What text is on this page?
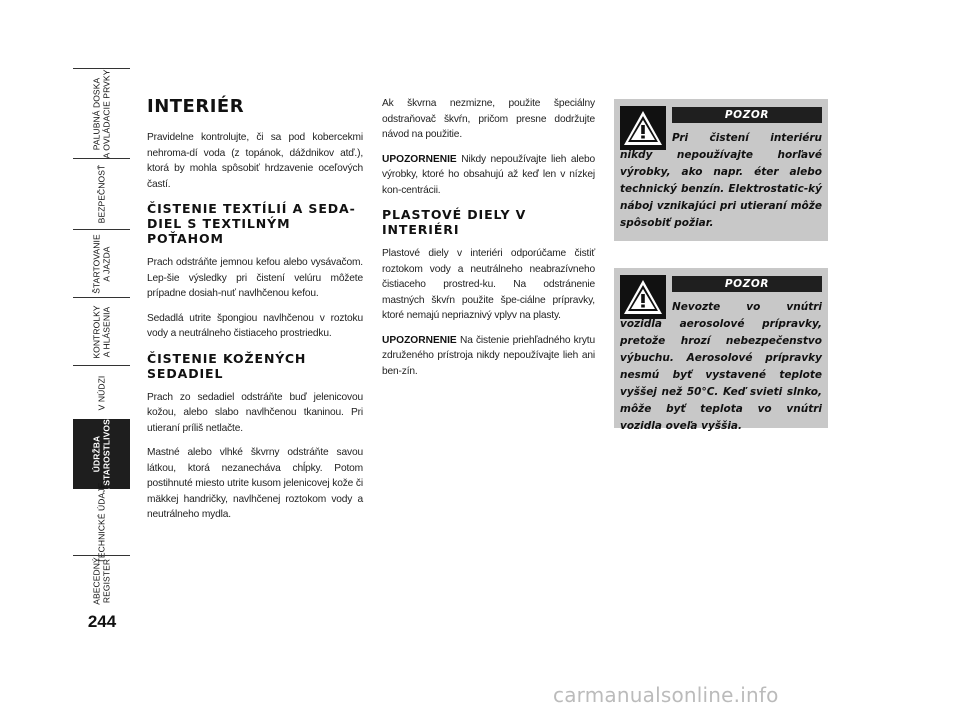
PALUBNÁ DOSKA
A OVLÁDACIE PRVKY
BEZPEČNOSŤ
ŠTARTOVANIE
A JAZDA
KONTROLKY
A HLÁSENIA
V NÚDZI
ÚDRŽBA
A STAROSTLIVOSŤ
TECHNICKÉ ÚDAJE
ABECEDNÝ
REGISTER
244
INTERIÉR

Pravidelne kontrolujte, či sa pod kobercekmi nehroma-dí voda (z topánok, dáždnikov atď.), ktorá by mohla spôsobiť hrdzavenie oceľových častí.

ČISTENIE TEXTÍLIÍ A SEDA-DIEL S TEXTILNÝM POŤAHOM

Prach odstráňte jemnou kefou alebo vysávačom. Lep-šie výsledky pri čistení velúru môžete prípadne dosiah-nuť navlhčenou kefou.

Sedadlá utrite špongiou navlhčenou v roztoku vody a neutrálneho čistiaceho prostriedku.

ČISTENIE KOŽENÝCH SEDADIEL

Prach zo sedadiel odstráňte buď jelenicovou kožou, alebo slabo navlhčenou tkaninou. Pri utieraní príliš netlačte.

Mastné alebo vlhké škvrny odstráňte savou látkou, ktorá nezanecháva chĺpky. Potom postihnuté miesto utrite kusom jelenicovej kože či mäkkej handričky, navlhčenej roztokom vody a neutrálneho mydla.

Ak škvrna nezmizne, použite špeciálny odstraňovač škvŕn, pričom presne dodržujte návod na použitie.

UPOZORNENIE Nikdy nepoužívajte lieh alebo výrobky, ktoré ho obsahujú až keď len v nízkej kon-centrácii.

PLASTOVÉ DIELY V INTERIÉRI

Plastové diely v interiéri odporúčame čistiť roztokom vody a neutrálneho neabrazívneho čistiaceho prostred-ku. Na odstránenie mastných škvŕn použite špe-ciálne prípravky, ktoré nemajú nepriaznivý vplyv na plasty.

UPOZORNENIE Na čistenie priehľadného krytu združeného prístroja nikdy nepoužívajte lieh ani ben-zín.

POZOR
Pri čistení interiéru nikdy nepoužívajte horľavé výrobky, ako napr. éter alebo technický benzín. Elektrostatic-ký náboj vznikajúci pri utieraní môže spôsobiť požiar.
POZOR
Nevozte vo vnútri vozidla aerosolové prípravky, pretože hrozí nebezpečenstvo výbuchu. Aerosolové prípravky nesmú byť vystavené teplote vyššej než 50°C. Keď svieti slnko, môže byť teplota vo vnútri vozidla oveľa vyššia.
carmanualsonline.info
